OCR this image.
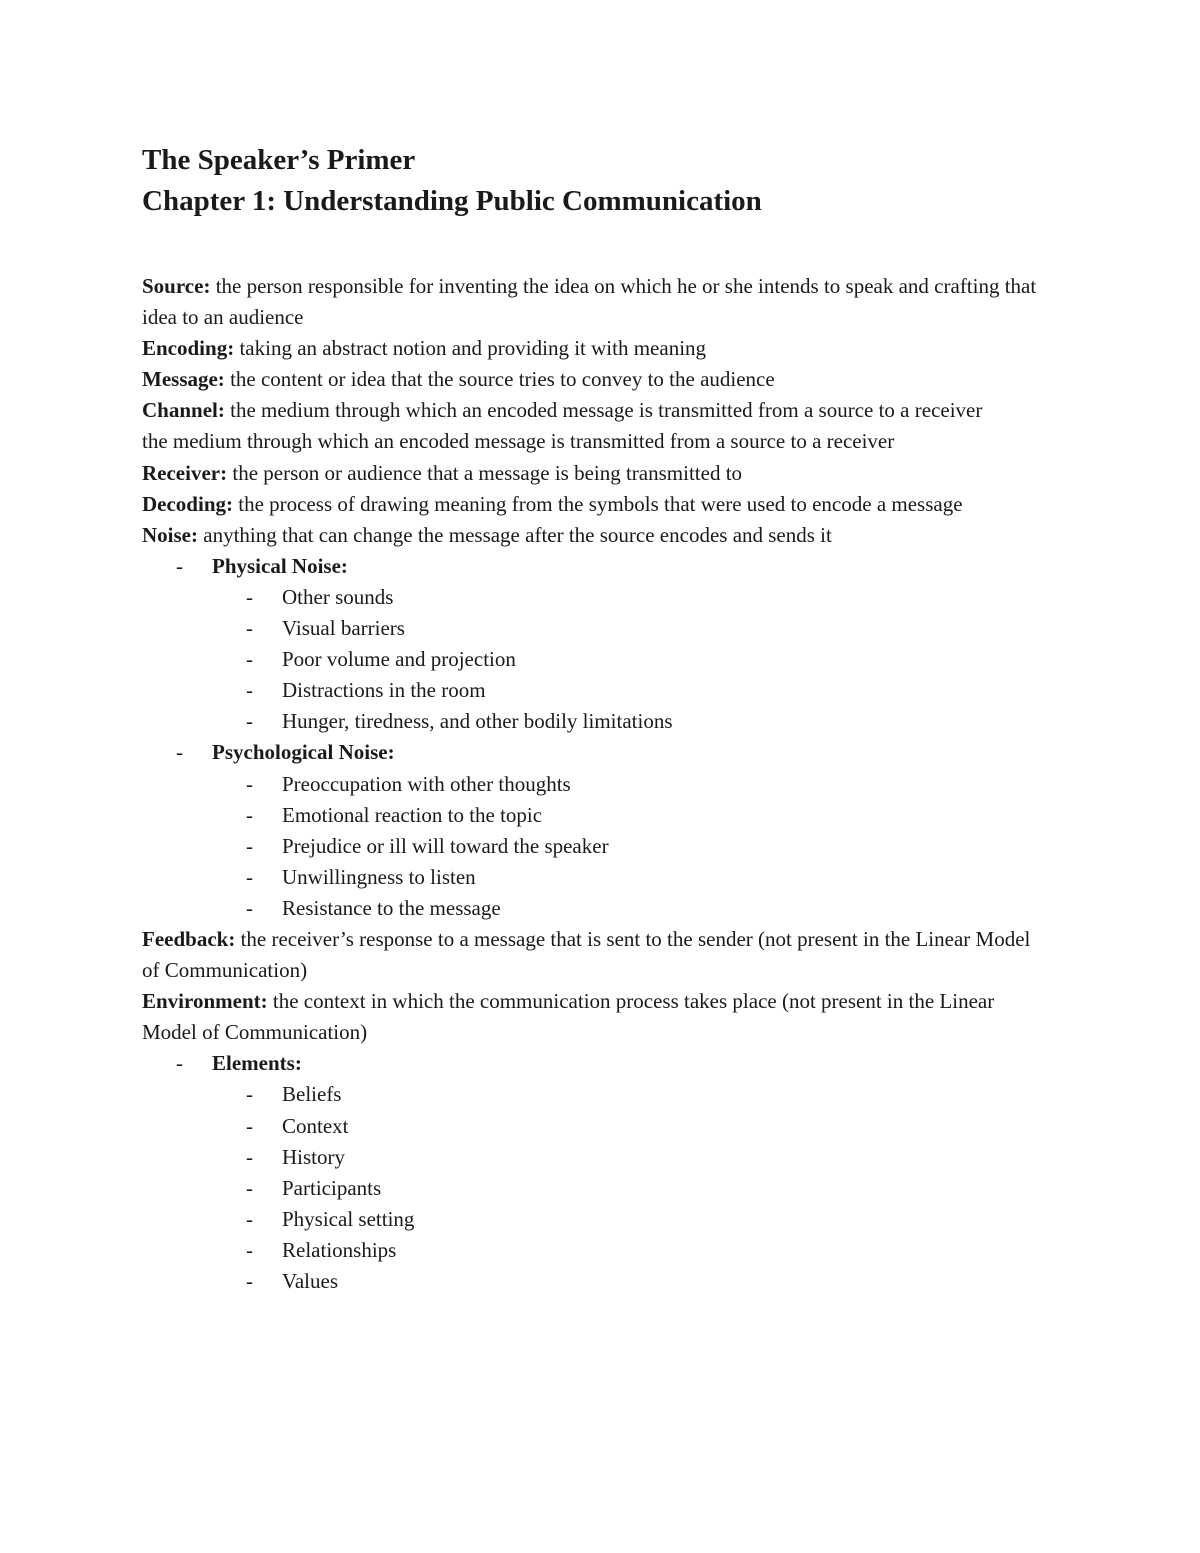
The Speaker’s Primer
Chapter 1: Understanding Public Communication

Source: the person responsible for inventing the idea on which he or she intends to speak and crafting that idea to an audience

Encoding: taking an abstract notion and providing it with meaning

Message: the content or idea that the source tries to convey to the audience

Channel: the medium through which an encoded message is transmitted from a source to a receiver

the medium through which an encoded message is transmitted from a source to a receiver

Receiver: the person or audience that a message is being transmitted to

Decoding: the process of drawing meaning from the symbols that were used to encode a message

Noise: anything that can change the message after the source encodes and sends it

- Physical Noise:
- Other sounds
- Visual barriers
- Poor volume and projection
- Distractions in the room
- Hunger, tiredness, and other bodily limitations
- Psychological Noise:
- Preoccupation with other thoughts
- Emotional reaction to the topic
- Prejudice or ill will toward the speaker
- Unwillingness to listen
- Resistance to the message

Feedback: the receiver’s response to a message that is sent to the sender (not present in the Linear Model of Communication)

Environment: the context in which the communication process takes place (not present in the Linear Model of Communication)

- Elements:
- Beliefs
- Context
- History
- Participants
- Physical setting
- Relationships
- Values
